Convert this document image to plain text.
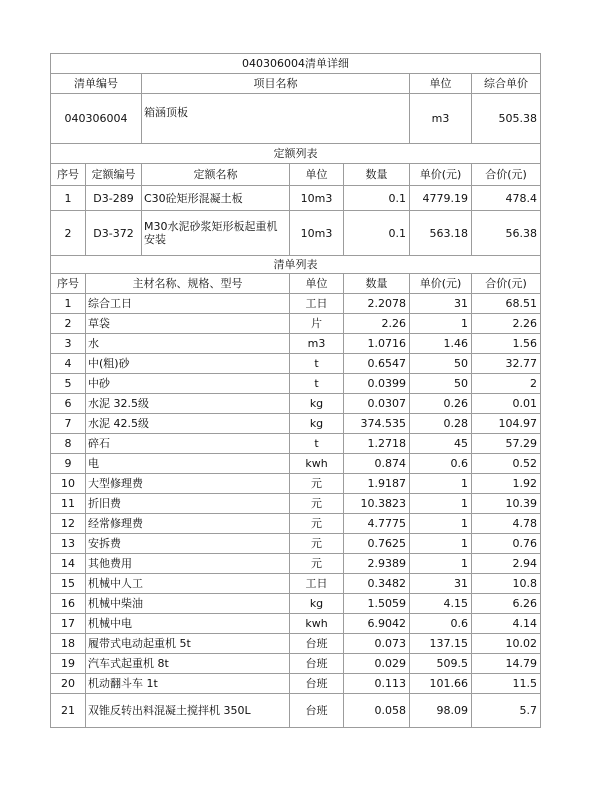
040306004清单详细						
清单编号		项目名称			单位	综合单价
040306004		箱涵顶板			m3	505.38
定额列表						
序号	定额编号	定额名称	单位	数量	单价(元)	合价(元)
1	D3-289	C30砼矩形混凝土板	10m3	0.1	4779.19	478.4
2	D3-372	M30水泥砂浆矩形板起重机安装	10m3	0.1	563.18	56.38
清单列表						
序号	主材名称、规格、型号		单位	数量	单价(元)	合价(元)
1	综合工日		工日	2.2078	31	68.51
2	草袋		片	2.26	1	2.26
3	水		m3	1.0716	1.46	1.56
4	中(粗)砂		t	0.6547	50	32.77
5	中砂		t	0.0399	50	2
6	水泥 32.5级		kg	0.0307	0.26	0.01
7	水泥 42.5级		kg	374.535	0.28	104.97
8	碎石		t	1.2718	45	57.29
9	电		kwh	0.874	0.6	0.52
10	大型修理费		元	1.9187	1	1.92
11	折旧费		元	10.3823	1	10.39
12	经常修理费		元	4.7775	1	4.78
13	安拆费		元	0.7625	1	0.76
14	其他费用		元	2.9389	1	2.94
15	机械中人工		工日	0.3482	31	10.8
16	机械中柴油		kg	1.5059	4.15	6.26
17	机械中电		kwh	6.9042	0.6	4.14
18	履带式电动起重机 5t		台班	0.073	137.15	10.02
19	汽车式起重机 8t		台班	0.029	509.5	14.79
20	机动翻斗车 1t		台班	0.113	101.66	11.5
21	双锥反转出料混凝土搅拌机 350L		台班	0.058	98.09	5.7
